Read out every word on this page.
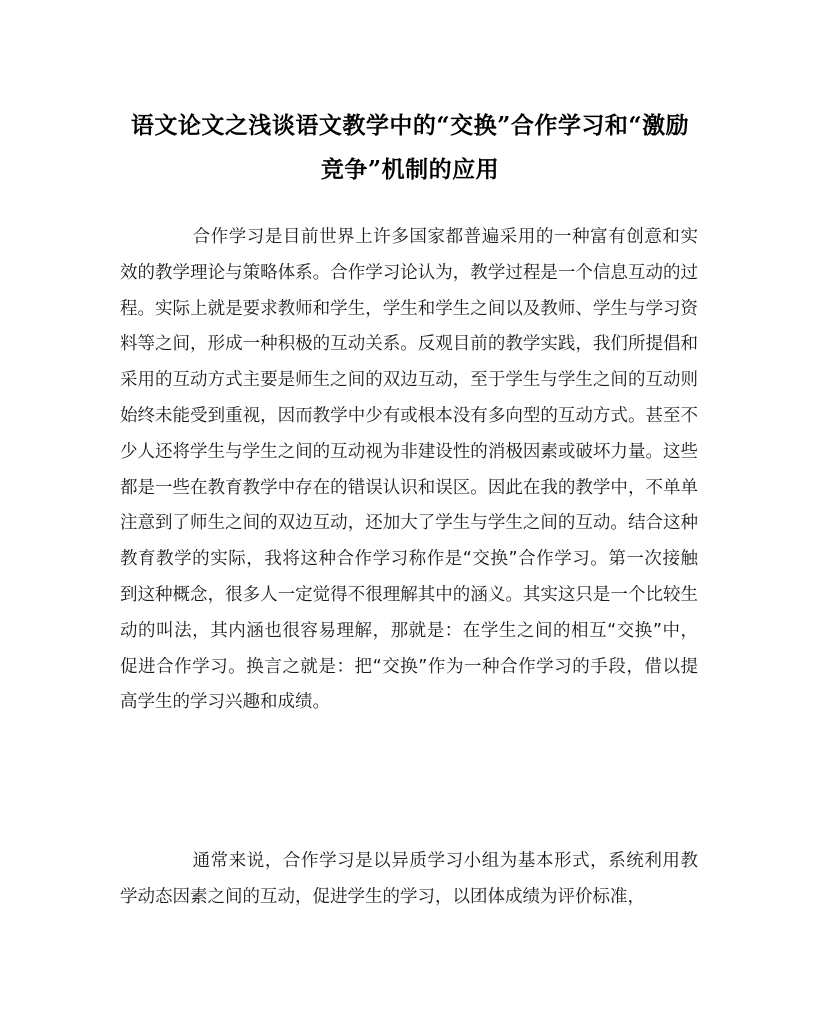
语文论文之浅谈语文教学中的“交换”合作学习和“激励竞争”机制的应用

合作学习是目前世界上许多国家都普遍采用的一种富有创意和实效的教学理论与策略体系。合作学习论认为，教学过程是一个信息互动的过程。实际上就是要求教师和学生，学生和学生之间以及教师、学生与学习资料等之间，形成一种积极的互动关系。反观目前的教学实践，我们所提倡和采用的互动方式主要是师生之间的双边互动，至于学生与学生之间的互动则始终未能受到重视，因而教学中少有或根本没有多向型的互动方式。甚至不少人还将学生与学生之间的互动视为非建设性的消极因素或破坏力量。这些都是一些在教育教学中存在的错误认识和误区。因此在我的教学中，不单单注意到了师生之间的双边互动，还加大了学生与学生之间的互动。结合这种教育教学的实际，我将这种合作学习称作是“交换”合作学习。第一次接触到这种概念，很多人一定觉得不很理解其中的涵义。其实这只是一个比较生动的叫法，其内涵也很容易理解，那就是：在学生之间的相互“交换”中，促进合作学习。换言之就是：把“交换”作为一种合作学习的手段，借以提高学生的学习兴趣和成绩。

通常来说，合作学习是以异质学习小组为基本形式，系统利用教学动态因素之间的互动，促进学生的学习，以团体成绩为评价标准，
